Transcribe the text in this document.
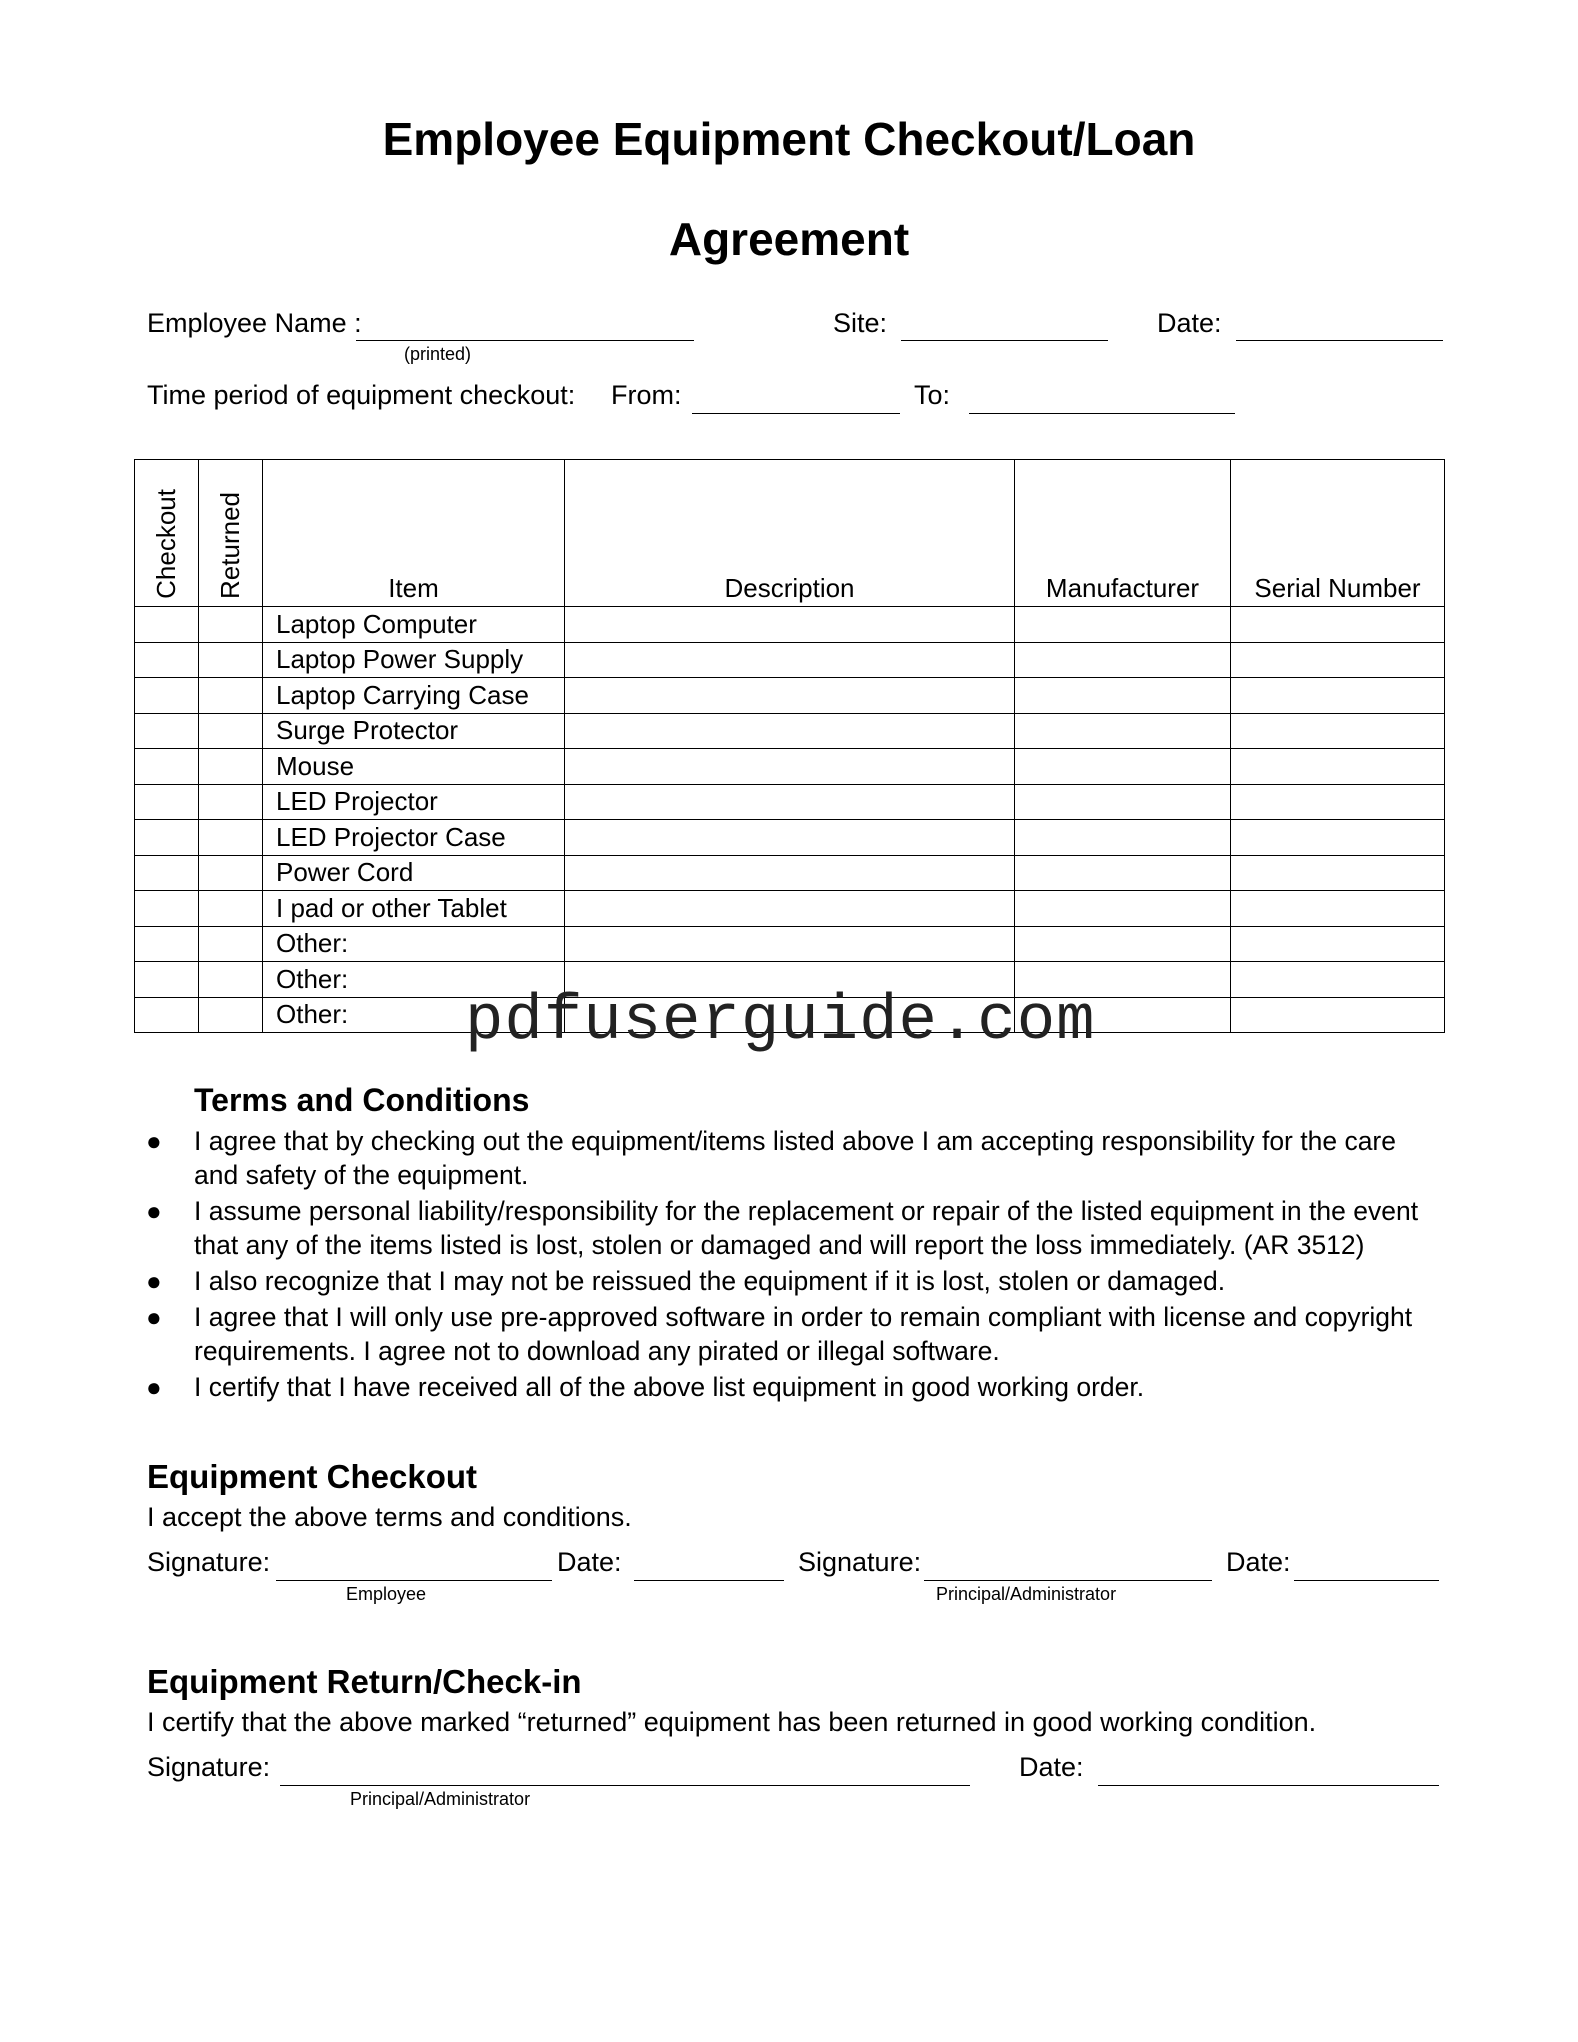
Employee Equipment Checkout/Loan
Agreement
Employee Name :
(printed)
Site:	Date:
Time period of equipment checkout: From:	To:
Checkout	Returned	Item	Description	Manufacturer	Serial Number

		Laptop Computer			
		Laptop Power Supply			
		Laptop Carrying Case			
		Surge Protector			
		Mouse			
		LED Projector			
		LED Projector Case			
		Power Cord			
		I pad or other Tablet			
		Other:			
		Other:			
		Other:			pdfuserguide.com
Terms and Conditions
● I agree that by checking out the equipment/items listed above I am accepting responsibility for the care and safety of the equipment.
● I assume personal liability/responsibility for the replacement or repair of the listed equipment in the event that any of the items listed is lost, stolen or damaged and will report the loss immediately. (AR 3512)
● I also recognize that I may not be reissued the equipment if it is lost, stolen or damaged.
● I agree that I will only use pre-approved software in order to remain compliant with license and copyright requirements. I agree not to download any pirated or illegal software.
● I certify that I have received all of the above list equipment in good working order.
Equipment Checkout
I accept the above terms and conditions.
Signature:
Employee
Date:	Signature:
Principal/Administrator
Date:
Equipment Return/Check-in
I certify that the above marked “returned” equipment has been returned in good working condition.
Signature:
Principal/Administrator
Date:
